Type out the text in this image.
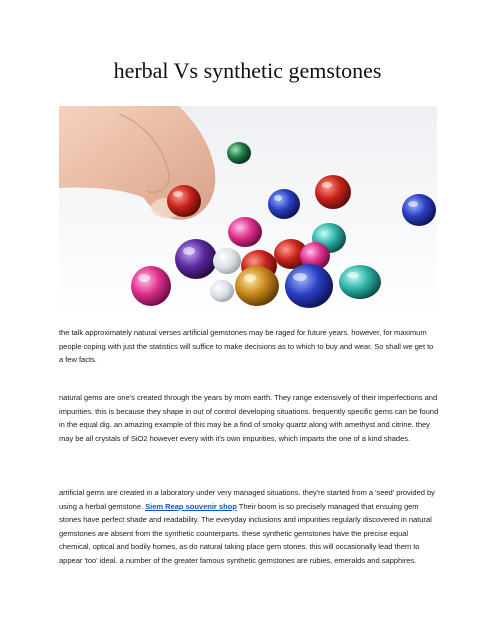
herbal Vs synthetic gemstones

the talk approximately natural verses artificial gemstones may be raged for future years. however, for maximum people coping with just the statistics will suffice to make decisions as to which to buy and wear. So shall we get to a few facts.

natural gems are one's created through the years by mom earth. They range extensively of their imperfections and impurities. this is because they shape in out of control developing situations. frequently specific gems can be found in the equal dig. an amazing example of this may be a find of smoky quartz along with amethyst and citrine. they may be all crystals of SiO2 however every with it's own impurities, which imparts the one of a kind shades.

artificial gems are created in a laboratory under very managed situations. they're started from a 'seed' provided by using a herbal gemstone. Siem Reap souvenir shop Their boom is so precisely managed that ensuing gem stones have perfect shade and readability. The everyday inclusions and impurities regularly discovered in natural gemstones are absent from the synthetic counterparts. these synthetic gemstones have the precise equal chemical, optical and bodily homes, as do natural taking place gem stones. this will occasionally lead them to appear 'too' ideal. a number of the greater famous synthetic gemstones are rubies, emeralds and sapphires.
